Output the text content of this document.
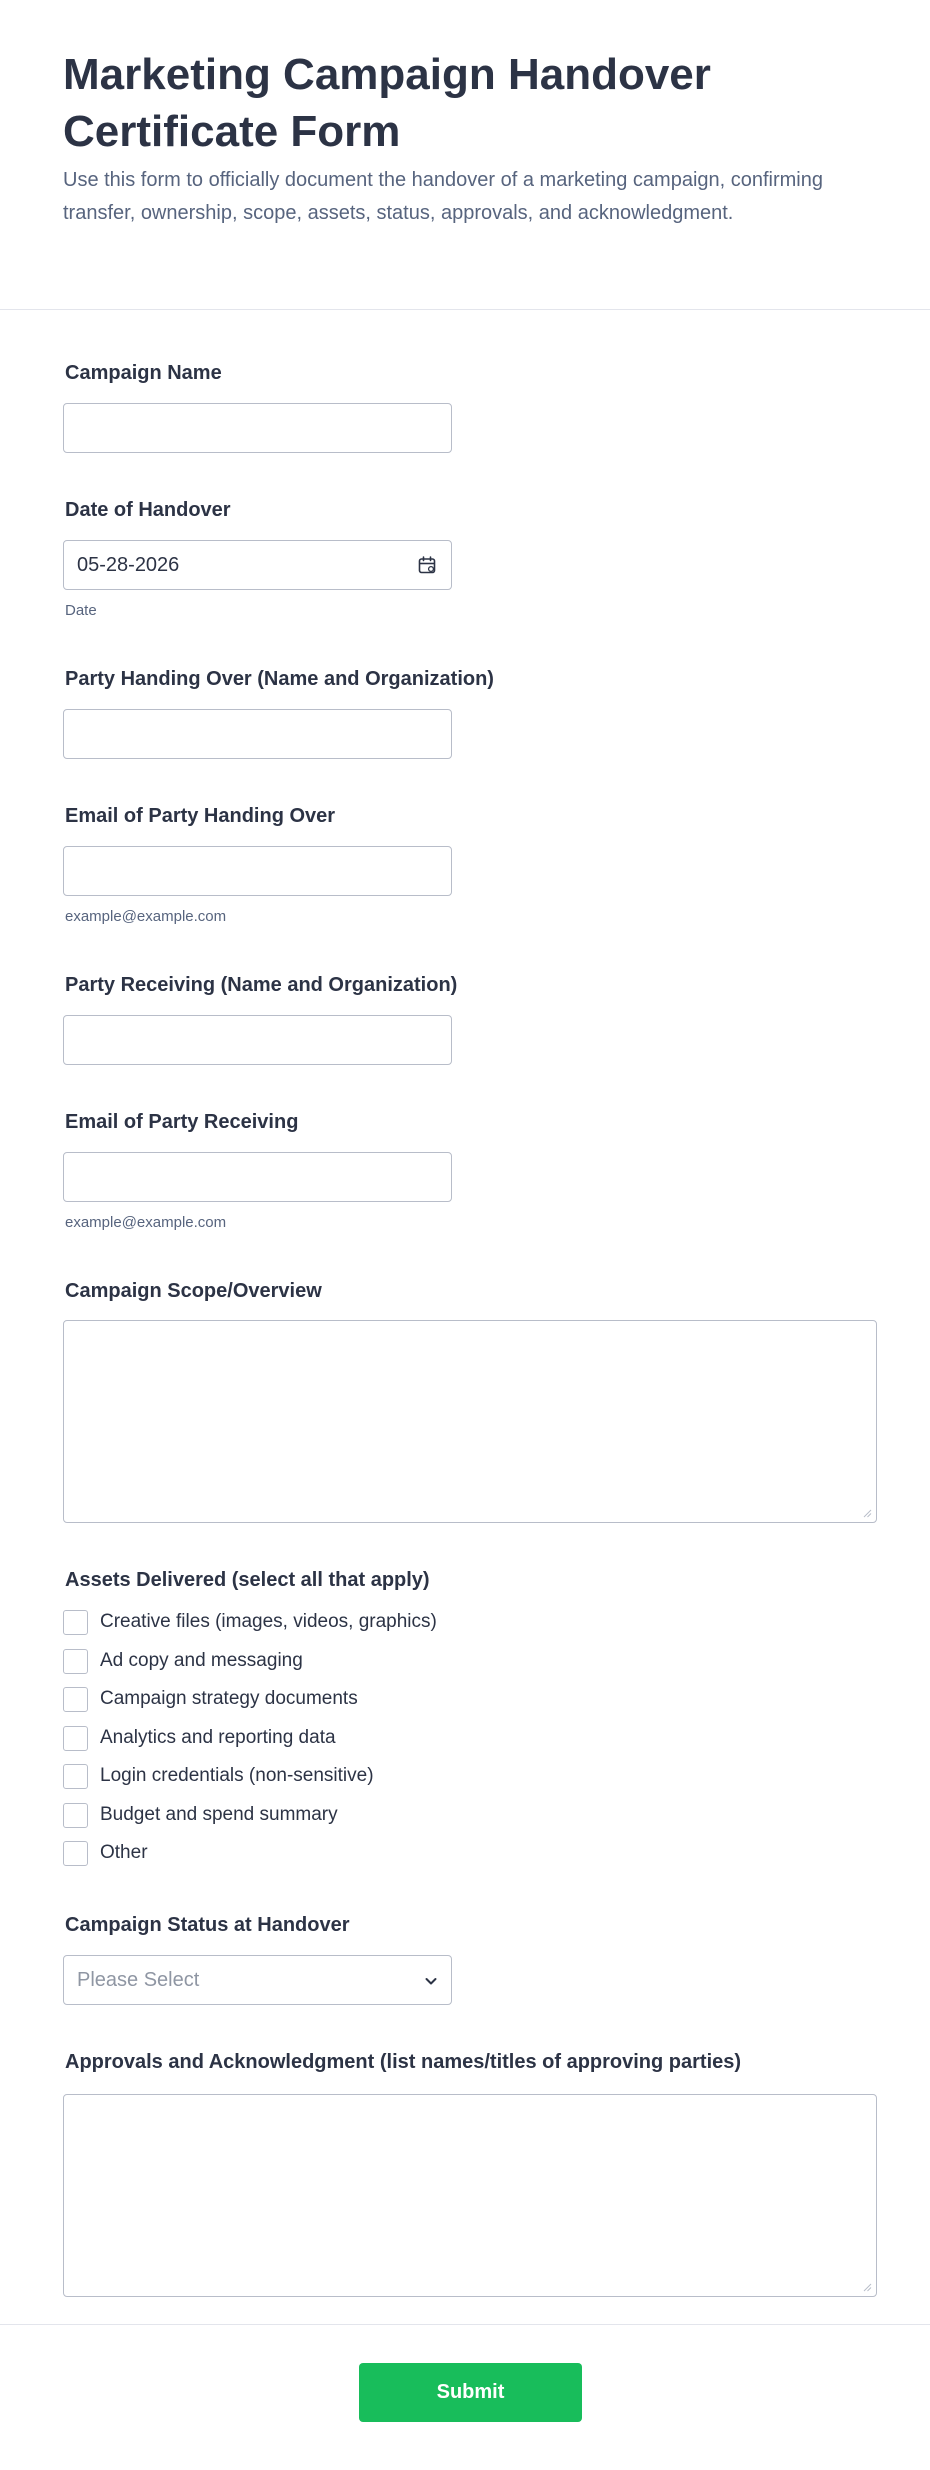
Marketing Campaign Handover Certificate Form

Use this form to officially document the handover of a marketing campaign, confirming transfer, ownership, scope, assets, status, approvals, and acknowledgment.

Campaign Name
Date of Handover
05-28-2026
Date
Party Handing Over (Name and Organization)
Email of Party Handing Over
example@example.com
Party Receiving (Name and Organization)
Email of Party Receiving
example@example.com
Campaign Scope/Overview
Assets Delivered (select all that apply)
Creative files (images, videos, graphics)
Ad copy and messaging
Campaign strategy documents
Analytics and reporting data
Login credentials (non-sensitive)
Budget and spend summary
Other
Campaign Status at Handover
Please Select
Approvals and Acknowledgment (list names/titles of approving parties)
Submit
